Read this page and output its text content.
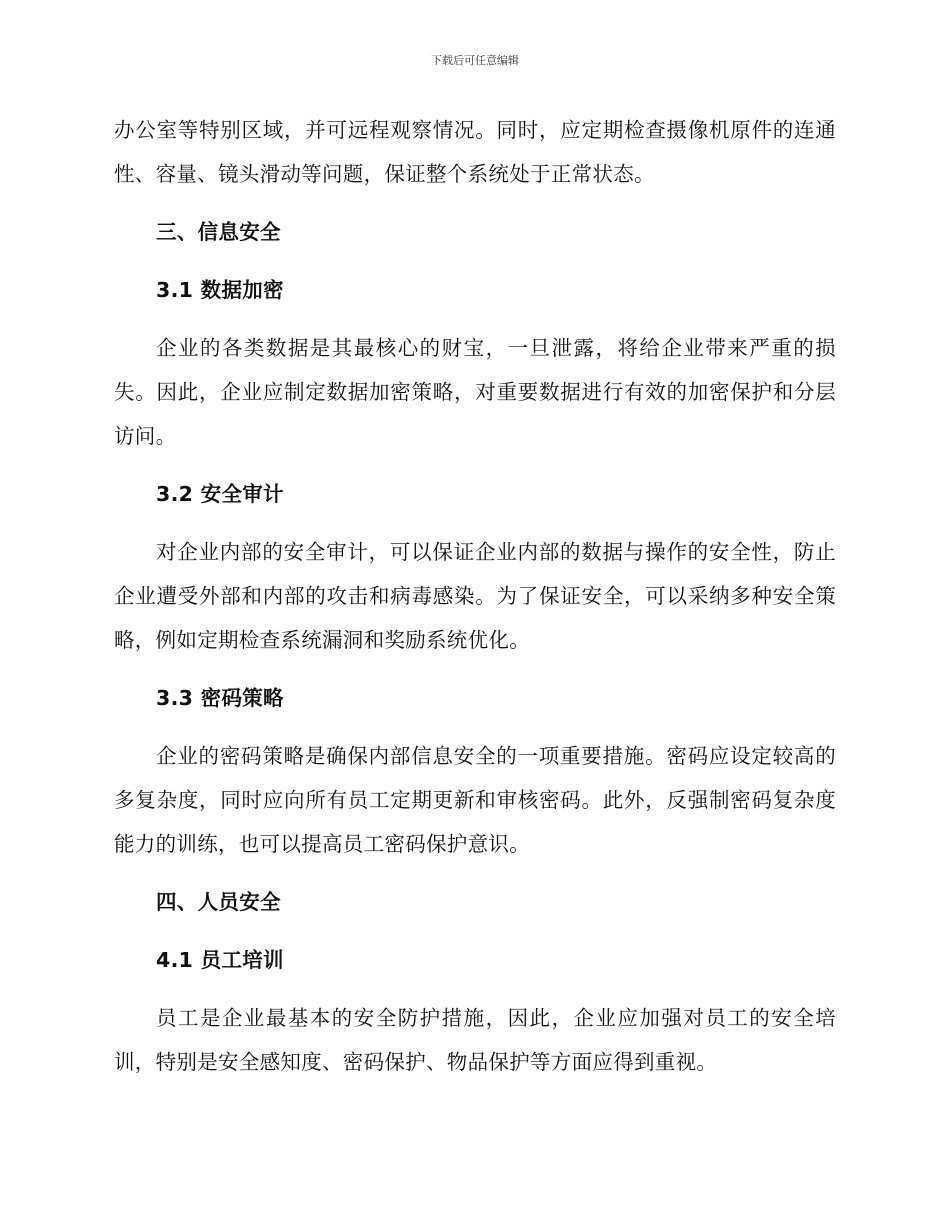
下载后可任意编辑

办公室等特别区域，并可远程观察情况。同时，应定期检查摄像机原件的连通性、容量、镜头滑动等问题，保证整个系统处于正常状态。

三、信息安全

3.1 数据加密

企业的各类数据是其最核心的财宝，一旦泄露，将给企业带来严重的损失。因此，企业应制定数据加密策略，对重要数据进行有效的加密保护和分层访问。

3.2 安全审计

对企业内部的安全审计，可以保证企业内部的数据与操作的安全性，防止企业遭受外部和内部的攻击和病毒感染。为了保证安全，可以采纳多种安全策略，例如定期检查系统漏洞和奖励系统优化。

3.3 密码策略

企业的密码策略是确保内部信息安全的一项重要措施。密码应设定较高的多复杂度，同时应向所有员工定期更新和审核密码。此外，反强制密码复杂度能力的训练，也可以提高员工密码保护意识。

四、人员安全

4.1 员工培训

员工是企业最基本的安全防护措施，因此，企业应加强对员工的安全培训，特别是安全感知度、密码保护、物品保护等方面应得到重视。
